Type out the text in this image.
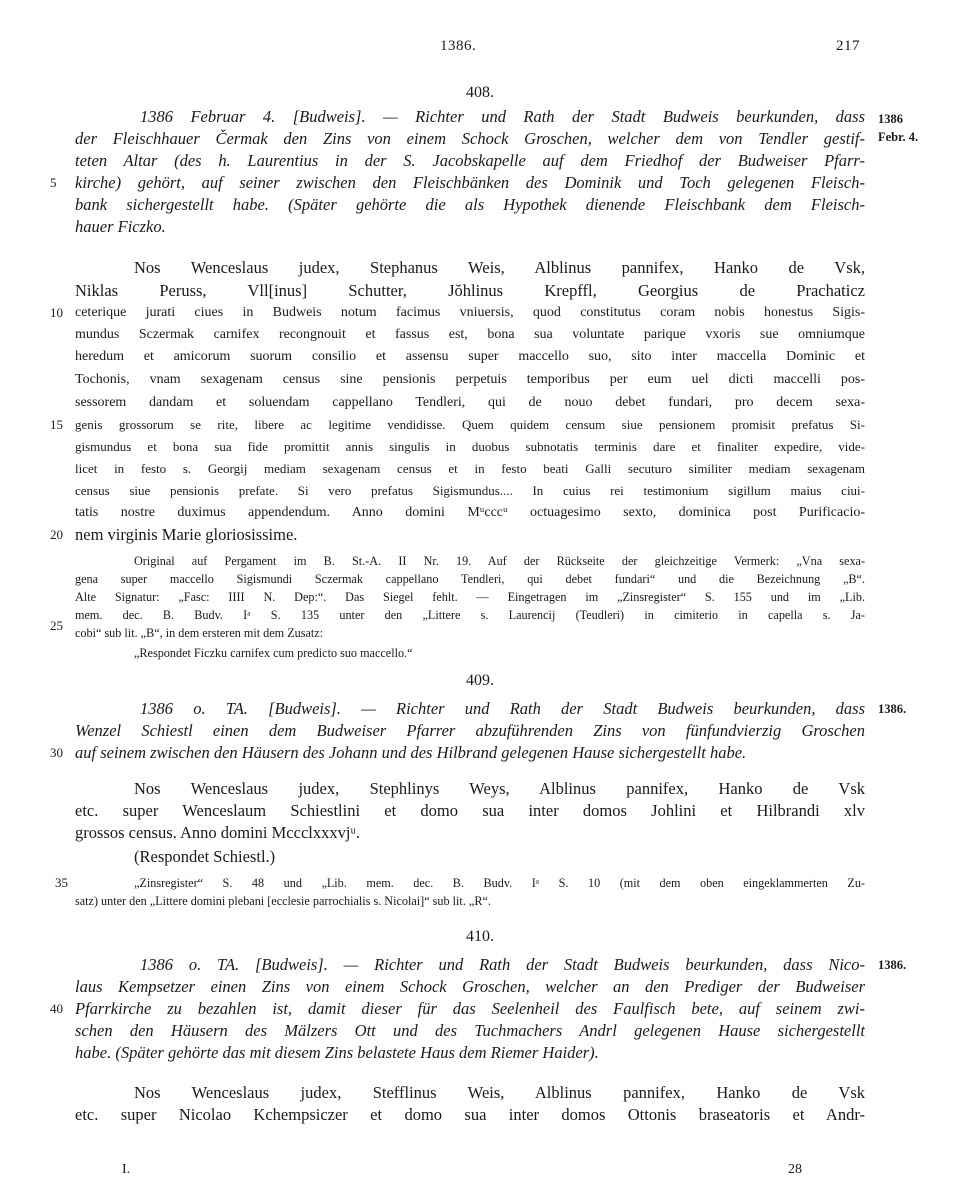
1386.	217
408.
1386
Febr. 4.
1386 Februar 4. [Budweis]. — Richter und Rath der Stadt Budweis beurkunden, dass
der Fleischhauer Čermak den Zins von einem Schock Groschen, welcher dem von Tendler gestif-
teten Altar (des h. Laurentius in der S. Jacobskapelle auf dem Friedhof der Budweiser Pfarr-
5	kirche) gehört, auf seiner zwischen den Fleischbänken des Dominik und Toch gelegenen Fleisch-
bank sichergestellt habe. (Später gehörte die als Hypothek dienende Fleischbank dem Fleisch-
hauer Ficzko.
Nos Wenceslaus judex, Stephanus Weis, Alblinus pannifex, Hanko de Vsk,
Niklas Peruss, Vll[inus] Schutter, Jŏhlinus Krepffl, Georgius de Prachaticz
10 ceterique jurati ciues in Budweis notum facimus vniuersis, quod constitutus coram nobis honestus Sigis-
mundus Sczermak carnifex recongnouit et fassus est, bona sua voluntate parique vxoris sue omniumque
heredum et amicorum suorum consilio et assensu super maccello suo, sito inter maccella Dominic et
Tochonis, vnam sexagenam census sine pensionis perpetuis temporibus per eum uel dicti maccelli pos-
sessorem dandam et soluendam cappellano Tendleri, qui de nouo debet fundari, pro decem sexa-
15 genis grossorum se rite, libere ac legitime vendidisse. Quem quidem censum siue pensionem promisit prefatus Si-
gismundus et bona sua fide promittit annis singulis in duobus subnotatis terminis dare et finaliter expedire, vide-
licet in festo s. Georgij mediam sexagenam census et in festo beati Galli secuturo similiter mediam sexagenam
census siue pensionis prefate. Si vero prefatus Sigismundus.... In cuius rei testimonium sigillum maius ciui-
tatis nostre duximus appendendum. Anno domini Mᵘcccᵘ octuagesimo sexto, dominica post Purificacio-
20 nem virginis Marie gloriosissime.
Original auf Pergament im B. St.-A. II Nr. 19. Auf der Rückseite der gleichzeitige Vermerk: „Vna sexa-
gena super maccello Sigismundi Sczermak cappellano Tendleri, qui debet fundari“ und die Bezeichnung „B“.
Alte Signatur: „Fasc: IIII N. Dep:“. Das Siegel fehlt. — Eingetragen im „Zinsregister“ S. 155 und im „Lib.
mem. dec. B. Budv. Iᵃ S. 135 unter den „Littere s. Laurencij (Teudleri) in cimiterio in capella s. Ja-
25 cobi“ sub lit. „B“, in dem ersteren mit dem Zusatz:
„Respondet Ficzku carnifex cum predicto suo maccello.“
409.
1386.
1386 o. TA. [Budweis]. — Richter und Rath der Stadt Budweis beurkunden, dass
Wenzel Schiestl einen dem Budweiser Pfarrer abzuführenden Zins von fünfundvierzig Groschen
30 auf seinem zwischen den Häusern des Johann und des Hilbrand gelegenen Hause sichergestellt habe.
Nos Wenceslaus judex, Stephlinys Weys, Alblinus pannifex, Hanko de Vsk
etc. super Wenceslaum Schiestlini et domo sua inter domos Johlini et Hilbrandi xlv
grossos census. Anno domini Mccclxxxvjᵘ.
(Respondet Schiestl.)
35	„Zinsregister“ S. 48 und „Lib. mem. dec. B. Budv. Iᵃ S. 10 (mit dem oben eingeklammerten Zu-
satz) unter den „Littere domini plebani [ecclesie parrochialis s. Nicolai]“ sub lit. „R“.
410.
1386.
1386 o. TA. [Budweis]. — Richter und Rath der Stadt Budweis beurkunden, dass Nico-
laus Kempsetzer einen Zins von einem Schock Groschen, welcher an den Prediger der Budweiser
40 Pfarrkirche zu bezahlen ist, damit dieser für das Seelenheil des Faulfisch bete, auf seinem zwi-
schen den Häusern des Mälzers Ott und des Tuchmachers Andrl gelegenen Hause sichergestellt
habe. (Später gehörte das mit diesem Zins belastete Haus dem Riemer Haider).
Nos Wenceslaus judex, Stefflinus Weis, Alblinus pannifex, Hanko de Vsk
etc. super Nicolao Kchempsiczer et domo sua inter domos Ottonis braseatoris et Andr-
I.	28
